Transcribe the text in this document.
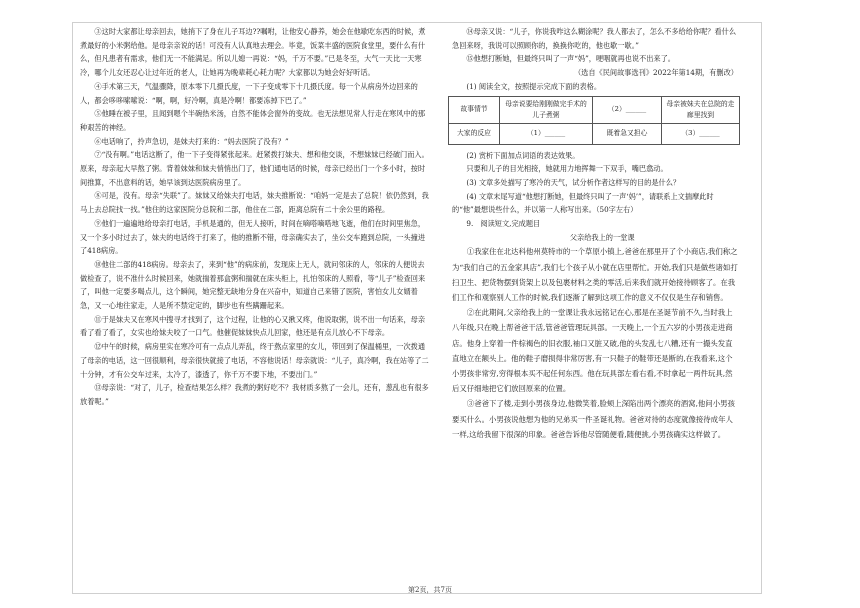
③这时大家都让母亲回去，她捎下了身在儿子耳边??嘱咐，让他安心静养，她会在他歇吃东西的时候，煮煮最好的小米粥给他。是母亲亲说的话！可没有人认真地去理会。毕竟，饭菜丰盛的医院食堂里，要什么有什么，但凡患者有需求，他们无一不能满足。所以儿媳一再说：“妈，千万不要。”已是冬至，大气一天比一天寒冷，哪个儿女还忍心让过年近的老人，让她再为晚辈耗心耗力呢？大家都以为她会好好听话。

④手术第三天，气温骤降，原本零下几摄氏度，一下子变成零下十几摄氏度。每一个从病房外边回来的人，都会哆哆嗦嗦说：“啊，啊，好冷啊，真是冷啊！都要冻掉下巴了。”

⑤他睡在被子里，且闻到嗯个半碗热米汤，自然不能体会窗外的变故。也无法想见常人行走在寒风中的那种艰苦的神经。

⑥电话响了，拎声急切，是妹夫打来的：“妈去医院了没有？”

⑦“没有啊。”电话这断了，他一下子变得紧张起来。赶紧拨打妹夫、想和他交谈，不想妹妹已经破门而入。原来，母亲起大早熬了粥。背着妹妹和妹夫悄悄出门了，他们通电话的时候，母亲已经出门一个多小时，按时间推算，不出意料的话，她早该到达医院病房里了。

⑧可是，没有。母亲“失联”了。妹妹又给妹夫打电话，妹夫推断说：“咱妈一定是去了总院！依仍然到，我马上去总院找一找。”他住的这家医院分总院和二部，他住在二部，距离总院有二十余公里的路程。

⑨他们一遍遍地给母亲打电话，手机是通的，但无人接听，时间在嘀嗒嘀嗒地飞逝，他们在时间里焦急，又一个多小时过去了，妹夫的电话终于打来了，他的推断不错，母亲确实去了，坐公交车跑到总院，一头撞进了418病房。

⑩他住二部的418病房。母亲去了，来到“他”的病床前，发现床上无人，就问邻床的人，邻床的人便说去做检查了，说不准什么时候回来，她就揣着那盒粥和揣就在床头柜上，扎怕邻床的人照看，等“儿子”检查回来了，叫他一定要多喝点儿，这个瞬间，她完整无缺地分身在兴奋中，知道自己来错了医院，害怕女儿女婿着急，又一心地往家走，人是所不禁定定的，脚步也有些蹒跚起来。

⑪于是妹夫又在寒风中搜寻才找到了，这个过程，让他的心又揪又疼，他说取粥，说不出一句话来，母亲看了看了看了，女实也给妹夫咬了一口气。他催促妹妹快点儿回家，他还是有点儿放心不下母亲。

⑫中午的时候，病房里实在寒冷可有一点点儿弄乱，终于熬点家里的女儿，带回到了保温桶里，一次拨通了母亲的电话，这一回很顺利，母亲很快就接了电话，不容他说话！母亲就说：“儿子，真冷啊，我在站等了二十分钟，才有公交车过来，太冷了，漆透了，你千万不要下地，不要出门。”

⑬母亲说：“对了，儿子，检查结果怎么样？我煮的粥好吃不？我材质多熬了一会儿，还有，葱乱也有很多放着呢。”

⑭母亲又说：“儿子，你说我咋这么糊涂呢？我人都去了，怎么不多给给你呢？看什么急回来呀，我说可以照顾你的，换换你吃的，他也歇一歇。”

⑮他想打断她，但最终只叫了一声“妈”，哽咽就再也说不出来了。

（选自《民间故事选刊》2022年第14期，有删改）

(1) 阅读全文，按照提示完成下面的表格。

故事情节	母亲说要给刚刚做完手术的儿子煮粥	（2）______	母亲被妹夫在总院的走廊里找到
大家的反应	（1）______	既着急又担心	（3）______

(2) 赏析下面加点词语的表达效果。

只要和儿子的目光相接，她就用力地挥舞一下双手，嘴巴翕动。

(3) 文章多处描写了寒冷的天气，试分析作者这样写的目的是什么？

(4) 文章末尾写道“他想打断她，但最终只叫了一声‘妈’”，请联系上文揣摩此时的“他”最想说些什么，并以第一人称写出来。（50字左右）

9.　阅读短文,完成题目

父亲给我上的一堂课

①我家住在北达科他州莫特市的一个草原小镇上,爸爸在那里开了个小商店,我们称之为“我们自己的五金家具店”,我们七个孩子从小就在店里帮忙。开始,我们只是做些诸如打扫卫生、把货物摆到货架上以及包裹材料之类的零活,后来我们就开始接待顾客了。在我们工作和观察别人工作的时候,我们逐渐了解到这项工作的意义不仅仅是生存和销售。

②在此期间,父亲给我上的一堂课让我永远铭记在心,那是在圣诞节前不久,当时我上八年级,只在晚上帮爸爸干活,管爸爸管理玩具部。一天晚上,一个五六岁的小男孩走进商店。他身上穿着一件棕褐色的旧衣服,袖口又脏又破,他的头发乱七八糟,还有一撮头发直直地立在额头上。他的鞋子磨损得非常厉害,有一只鞋子的鞋带还是断的,在我看来,这个小男孩非常穷,穷得根本买不起任何东西。他在玩具部左看右看,不时拿起一两件玩具,然后又仔细地把它们放回原来的位置。

③爸爸下了楼,走到小男孩身边,他微笑着,脸颊上深陷出两个漂亮的酒窝,他问小男孩要买什么。小男孩说他想为他的兄弟买一件圣诞礼物。爸爸对待的态度就像接待成年人一样,这给我留下很深的印象。爸爸告诉他尽管随便看,随便挑,小男孩确实这样做了。

第2页，共7页
